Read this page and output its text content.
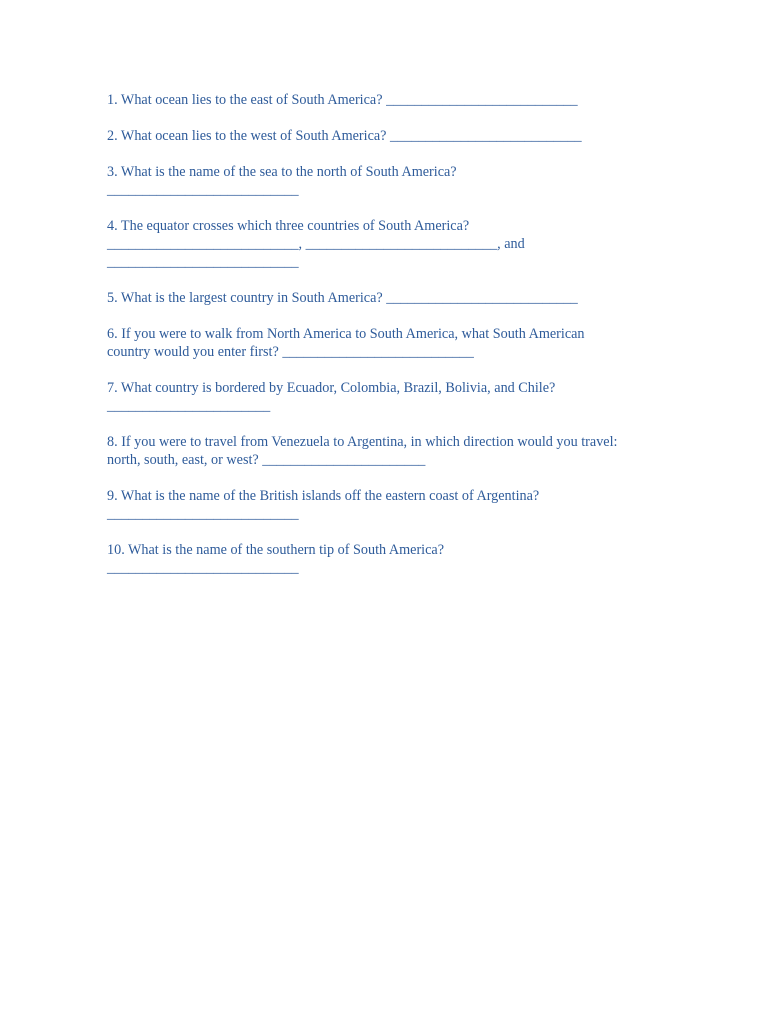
1. What ocean lies to the east of South America? ___________________________
2. What ocean lies to the west of South America? ___________________________
3. What is the name of the sea to the north of South America?
___________________________
4. The equator crosses which three countries of South America?
___________________________, ___________________________, and
___________________________
5. What is the largest country in South America? ___________________________
6. If you were to walk from North America to South America, what South American
country would you enter first? ___________________________
7. What country is bordered by Ecuador, Colombia, Brazil, Bolivia, and Chile?
_______________________
8. If you were to travel from Venezuela to Argentina, in which direction would you travel:
north, south, east, or west? _______________________
9. What is the name of the British islands off the eastern coast of Argentina?
___________________________
10. What is the name of the southern tip of South America?
___________________________
